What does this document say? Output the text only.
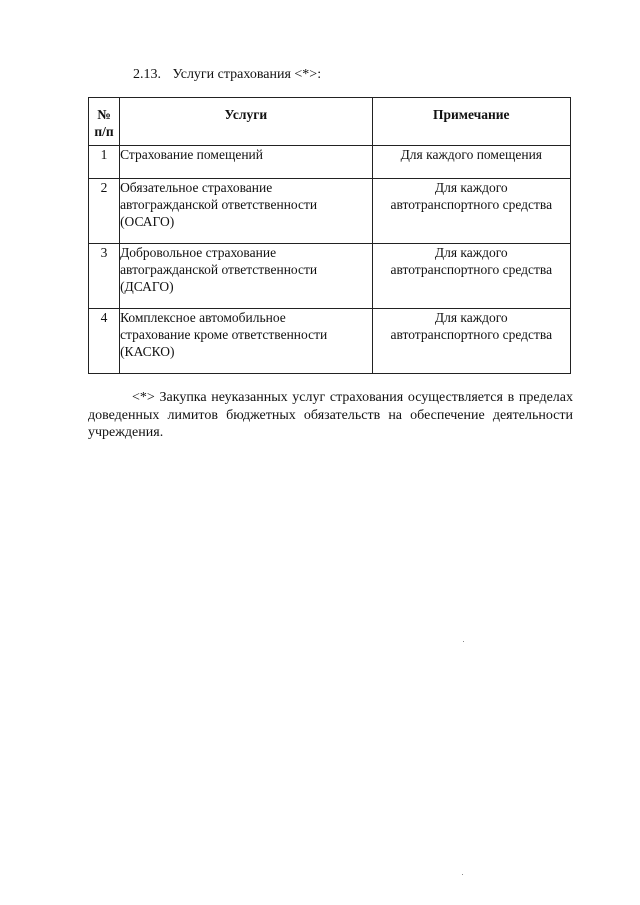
2.13. Услуги страхования <*>:
№
п/п	Услуги	Примечание
1	Страхование помещений	Для каждого помещения
2	Обязательное страхование
автогражданской ответственности
(ОСАГО)	Для каждого
автотранспортного средства
3	Добровольное страхование
автогражданской ответственности
(ДСАГО)	Для каждого
автотранспортного средства
4	Комплексное автомобильное
страхование кроме ответственности
(КАСКО)	Для каждого
автотранспортного средства

<*> Закупка неуказанных услуг страхования осуществляется в пределах доведенных лимитов бюджетных обязательств на обеспечение деятельности учреждения.
